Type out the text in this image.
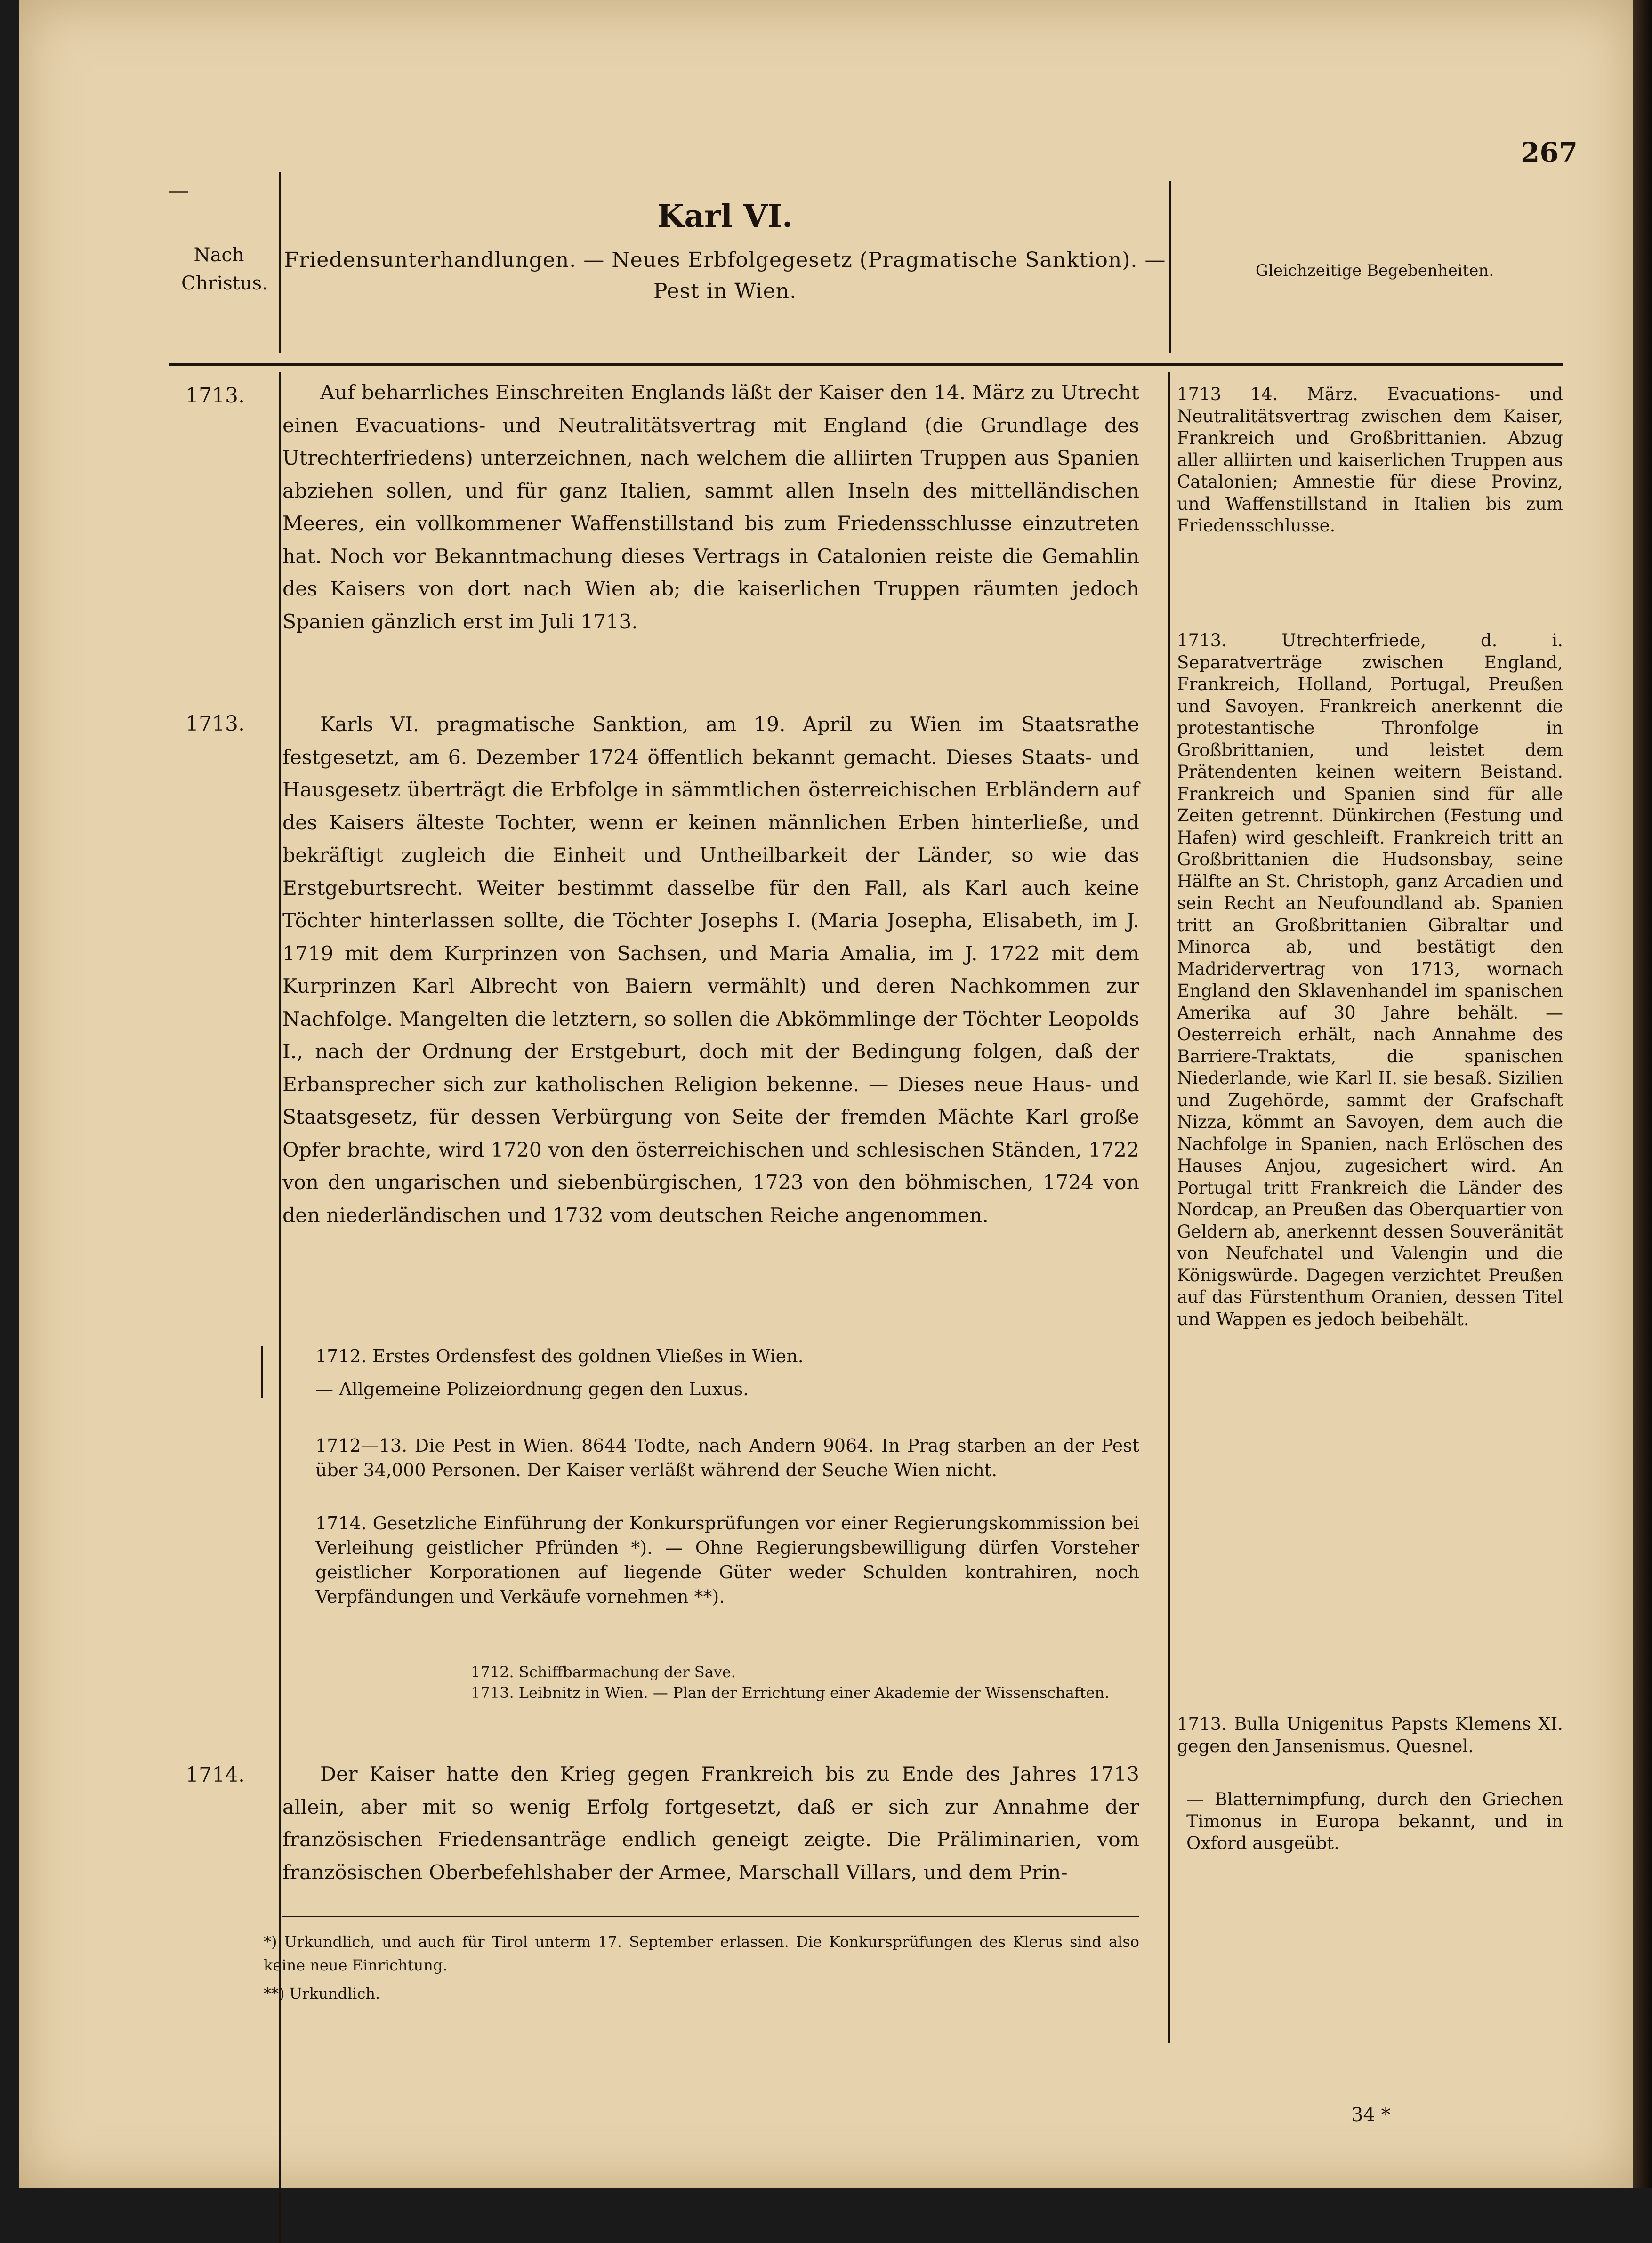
267
Nach Christus.
Karl VI.
Friedensunterhandlungen. — Neues Erbfolgegesetz (Pragmatische Sanktion). — Pest in Wien.
Gleichzeitige Begebenheiten.
1713.	Auf beharrliches Einschreiten Englands läßt der Kaiser den 14. März zu Utrecht einen Evacuations- und Neutralitätsvertrag mit England (die Grundlage des Utrechterfriedens) unterzeichnen, nach welchem die alliirten Truppen aus Spanien abziehen sollen, und für ganz Italien, sammt allen Inseln des mittelländischen Meeres, ein vollkommener Waffenstillstand bis zum Friedensschlusse einzutreten hat. Noch vor Bekanntmachung dieses Vertrags in Catalonien reiste die Gemahlin des Kaisers von dort nach Wien ab; die kaiserlichen Truppen räumten jedoch Spanien gänzlich erst im Juli 1713.
1713.	Karls VI. pragmatische Sanktion, am 19. April zu Wien im Staatsrathe festgesetzt, am 6. Dezember 1724 öffentlich bekannt gemacht. Dieses Staats- und Hausgesetz überträgt die Erbfolge in sämmtlichen österreichischen Erbländern auf des Kaisers älteste Tochter, wenn er keinen männlichen Erben hinterließe, und bekräftigt zugleich die Einheit und Untheilbarkeit der Länder, so wie das Erstgeburtsrecht. Weiter bestimmt dasselbe für den Fall, als Karl auch keine Töchter hinterlassen sollte, die Töchter Josephs I. (Maria Josepha, Elisabeth, im J. 1719 mit dem Kurprinzen von Sachsen, und Maria Amalia, im J. 1722 mit dem Kurprinzen Karl Albrecht von Baiern vermählt) und deren Nachkommen zur Nachfolge. Mangelten die letztern, so sollen die Abkömmlinge der Töchter Leopolds I., nach der Ordnung der Erstgeburt, doch mit der Bedingung folgen, daß der Erbansprecher sich zur katholischen Religion bekenne. — Dieses neue Haus- und Staatsgesetz, für dessen Verbürgung von Seite der fremden Mächte Karl große Opfer brachte, wird 1720 von den österreichischen und schlesischen Ständen, 1722 von den ungarischen und siebenbürgischen, 1723 von den böhmischen, 1724 von den niederländischen und 1732 vom deutschen Reiche angenommen.
1712. Erstes Ordensfest des goldnen Vließes in Wien.
— Allgemeine Polizeiordnung gegen den Luxus.
1712—13. Die Pest in Wien. 8644 Todte, nach Andern 9064. In Prag starben an der Pest über 34,000 Personen. Der Kaiser verläßt während der Seuche Wien nicht.
1714. Gesetzliche Einführung der Konkursprüfungen vor einer Regierungskommission bei Verleihung geistlicher Pfründen *). — Ohne Regierungsbewilligung dürfen Vorsteher geistlicher Korporationen auf liegende Güter weder Schulden kontrahiren, noch Verpfändungen und Verkäufe vornehmen **).
1712. Schiffbarmachung der Save.
1713. Leibnitz in Wien. — Plan der Errichtung einer Akademie der Wissenschaften.
1714.	Der Kaiser hatte den Krieg gegen Frankreich bis zu Ende des Jahres 1713 allein, aber mit so wenig Erfolg fortgesetzt, daß er sich zur Annahme der französischen Friedensanträge endlich geneigt zeigte. Die Präliminarien, vom französischen Oberbefehlshaber der Armee, Marschall Villars, und dem Prin-
*) Urkundlich, und auch für Tirol unterm 17. September erlassen. Die Konkursprüfungen des Klerus sind also keine neue Einrichtung.
**) Urkundlich.
1713 14. März. Evacuations- und Neutralitätsvertrag zwischen dem Kaiser, Frankreich und Großbrittanien. Abzug aller alliirten und kaiserlichen Truppen aus Catalonien; Amnestie für diese Provinz, und Waffenstillstand in Italien bis zum Friedensschlusse.
1713. Utrechterfriede, d. i. Separatverträge zwischen England, Frankreich, Holland, Portugal, Preußen und Savoyen. Frankreich anerkennt die protestantische Thronfolge in Großbrittanien, und leistet dem Prätendenten keinen weitern Beistand. Frankreich und Spanien sind für alle Zeiten getrennt. Dünkirchen (Festung und Hafen) wird geschleift. Frankreich tritt an Großbrittanien die Hudsonsbay, seine Hälfte an St. Christoph, ganz Arcadien und sein Recht an Neufoundland ab. Spanien tritt an Großbrittanien Gibraltar und Minorca ab, und bestätigt den Madridervertrag von 1713, wornach England den Sklavenhandel im spanischen Amerika auf 30 Jahre behält. — Oesterreich erhält, nach Annahme des Barriere-Traktats, die spanischen Niederlande, wie Karl II. sie besaß. Sizilien und Zugehörde, sammt der Grafschaft Nizza, kömmt an Savoyen, dem auch die Nachfolge in Spanien, nach Erlöschen des Hauses Anjou, zugesichert wird. An Portugal tritt Frankreich die Länder des Nordcap, an Preußen das Oberquartier von Geldern ab, anerkennt dessen Souveränität von Neufchatel und Valengin und die Königswürde. Dagegen verzichtet Preußen auf das Fürstenthum Oranien, dessen Titel und Wappen es jedoch beibehält.
1713. Bulla Unigenitus Papsts Klemens XI. gegen den Jansenismus. Quesnel.
— Blatternimpfung, durch den Griechen Timonus in Europa bekannt, und in Oxford ausgeübt.
34 *
